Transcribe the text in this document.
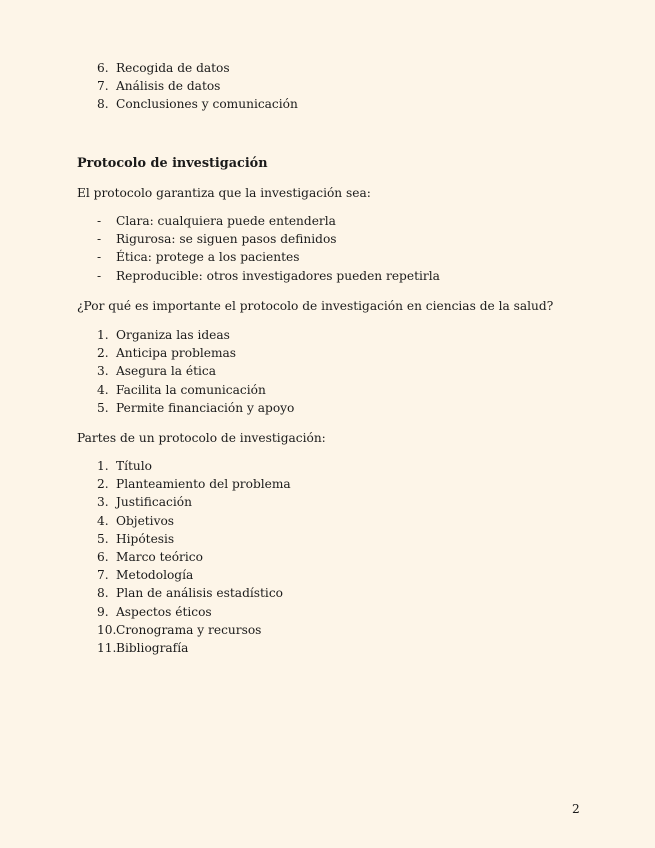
6. Recogida de datos
7. Análisis de datos
8. Conclusiones y comunicación
Protocolo de investigación

El protocolo garantiza que la investigación sea:

- Clara: cualquiera puede entenderla
- Rigurosa: se siguen pasos definidos
- Ética: protege a los pacientes
- Reproducible: otros investigadores pueden repetirla

¿Por qué es importante el protocolo de investigación en ciencias de la salud?

1. Organiza las ideas
2. Anticipa problemas
3. Asegura la ética
4. Facilita la comunicación
5. Permite financiación y apoyo

Partes de un protocolo de investigación:

1. Título
2. Planteamiento del problema
3. Justificación
4. Objetivos
5. Hipótesis
6. Marco teórico
7. Metodología
8. Plan de análisis estadístico
9. Aspectos éticos
10. Cronograma y recursos
11. Bibliografía
2
